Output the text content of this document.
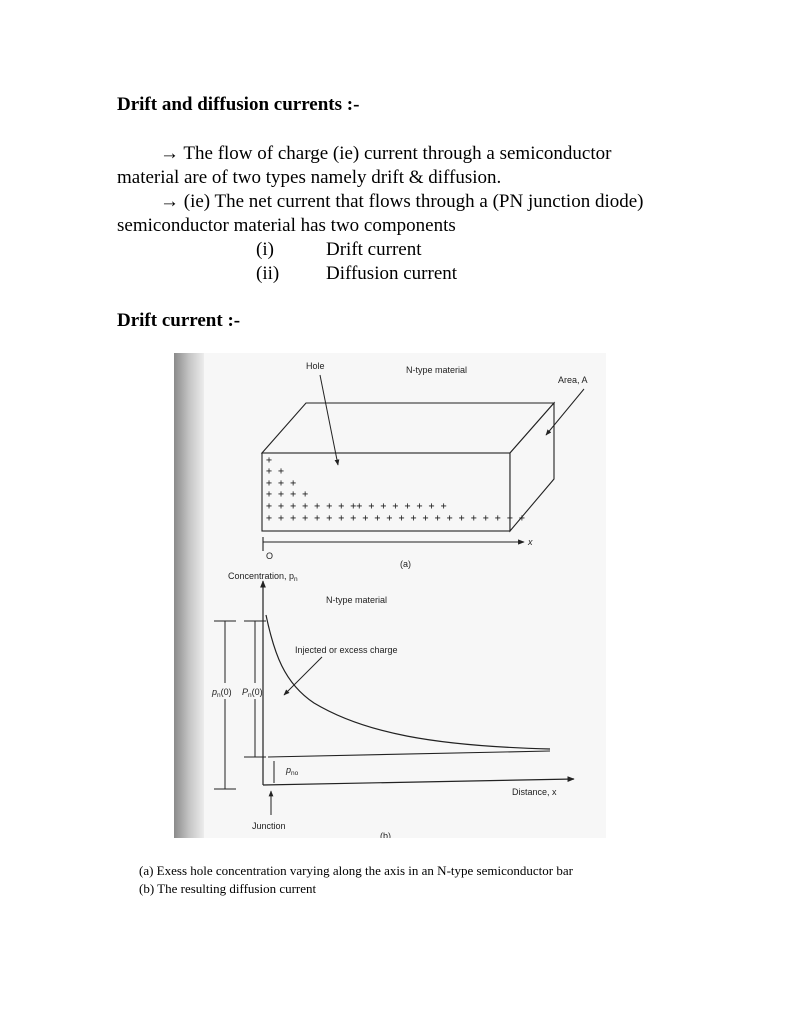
Drift and diffusion currents :-

→ The flow of charge (ie) current through a semiconductor material are of two types namely drift & diffusion.

→ (ie) The net current that flows through a (PN junction diode) semiconductor material has two components

(i)	Drift current
(ii) Diffusion current
Drift current :-
+
+ +
+ + +
+ + + +
+ + + + + + + ++ + + + + + + +
+ + + + + + + + + + + + + + + + + + + + + +
Hole	N-type material
Area, A
x
O
(a)
Concentration, $p_n$
Distance, x
N-type material
Injected or excess charge
$p_n(0)$ $P_n(0)$
$p_{no}$
Junction
(b)
(a) Exess hole concentration varying along the axis in an N-type semiconductor bar
(b) The resulting diffusion current
